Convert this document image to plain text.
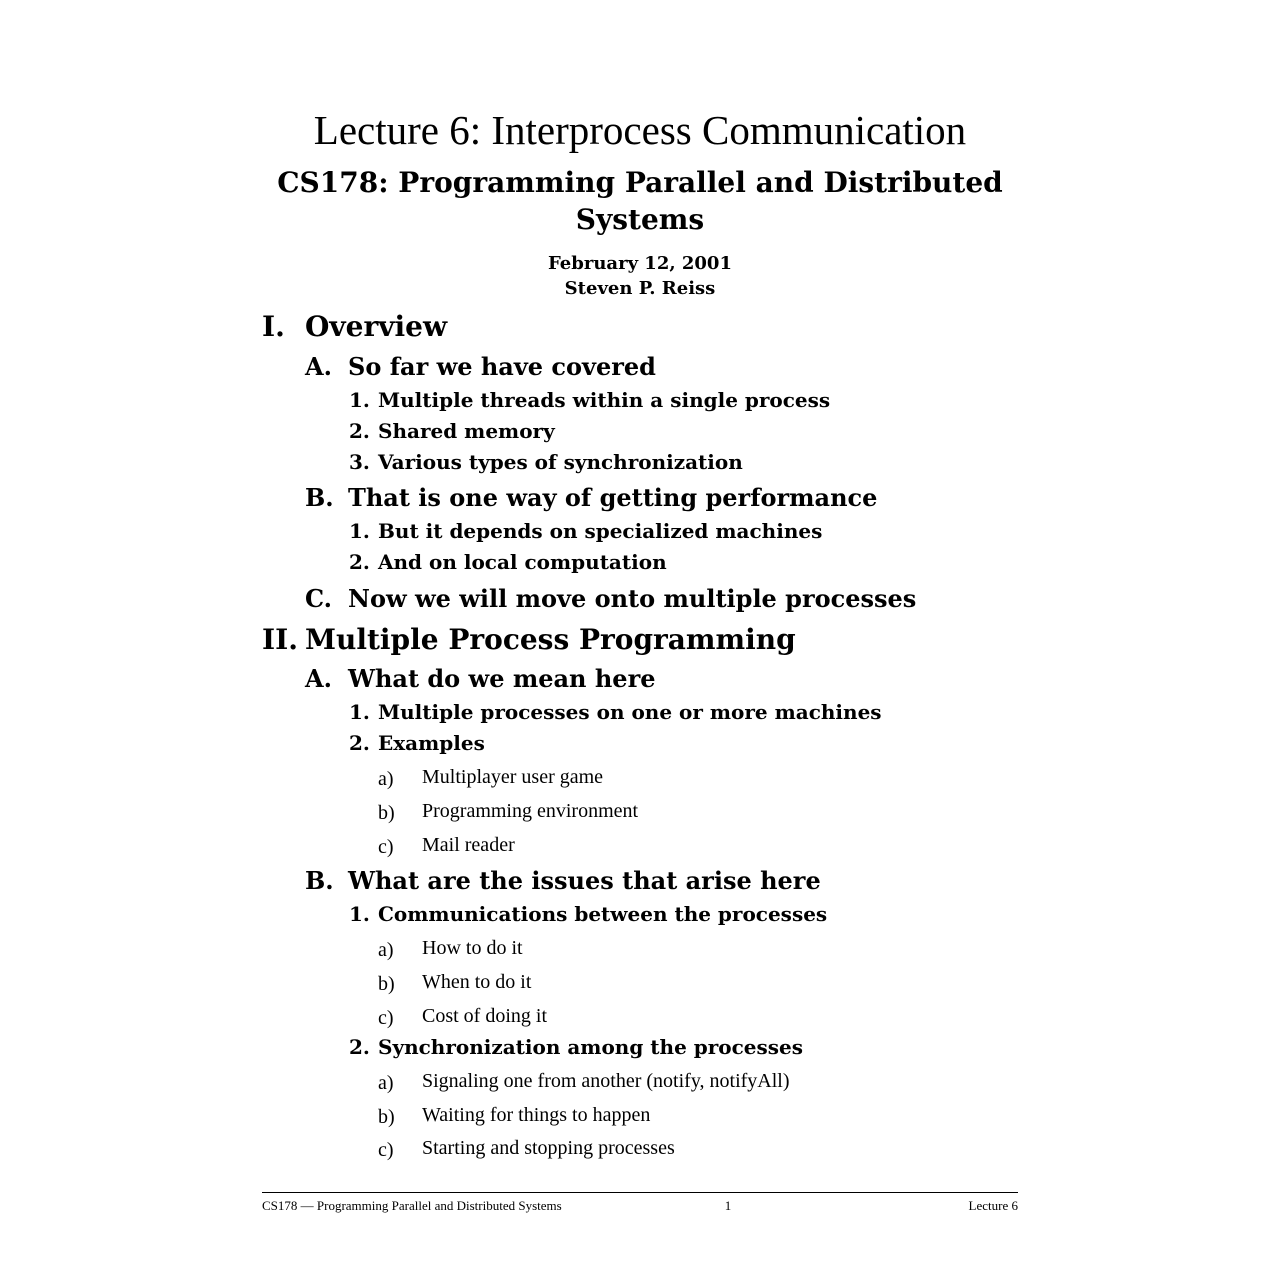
Lecture 6: Interprocess Communication
CS178: Programming Parallel and Distributed
Systems
February 12, 2001
Steven P. Reiss
I. Overview
A. So far we have covered
1. Multiple threads within a single process
2. Shared memory
3. Various types of synchronization
B. That is one way of getting performance
1. But it depends on specialized machines
2. And on local computation
C. Now we will move onto multiple processes
II. Multiple Process Programming
A. What do we mean here
1. Multiple processes on one or more machines
2. Examples
a) Multiplayer user game
b) Programming environment
c) Mail reader
B. What are the issues that arise here
1. Communications between the processes
a) How to do it
b) When to do it
c) Cost of doing it
2. Synchronization among the processes
a) Signaling one from another (notify, notifyAll)
b) Waiting for things to happen
c) Starting and stopping processes
CS178 — Programming Parallel and Distributed Systems	1	Lecture 6
